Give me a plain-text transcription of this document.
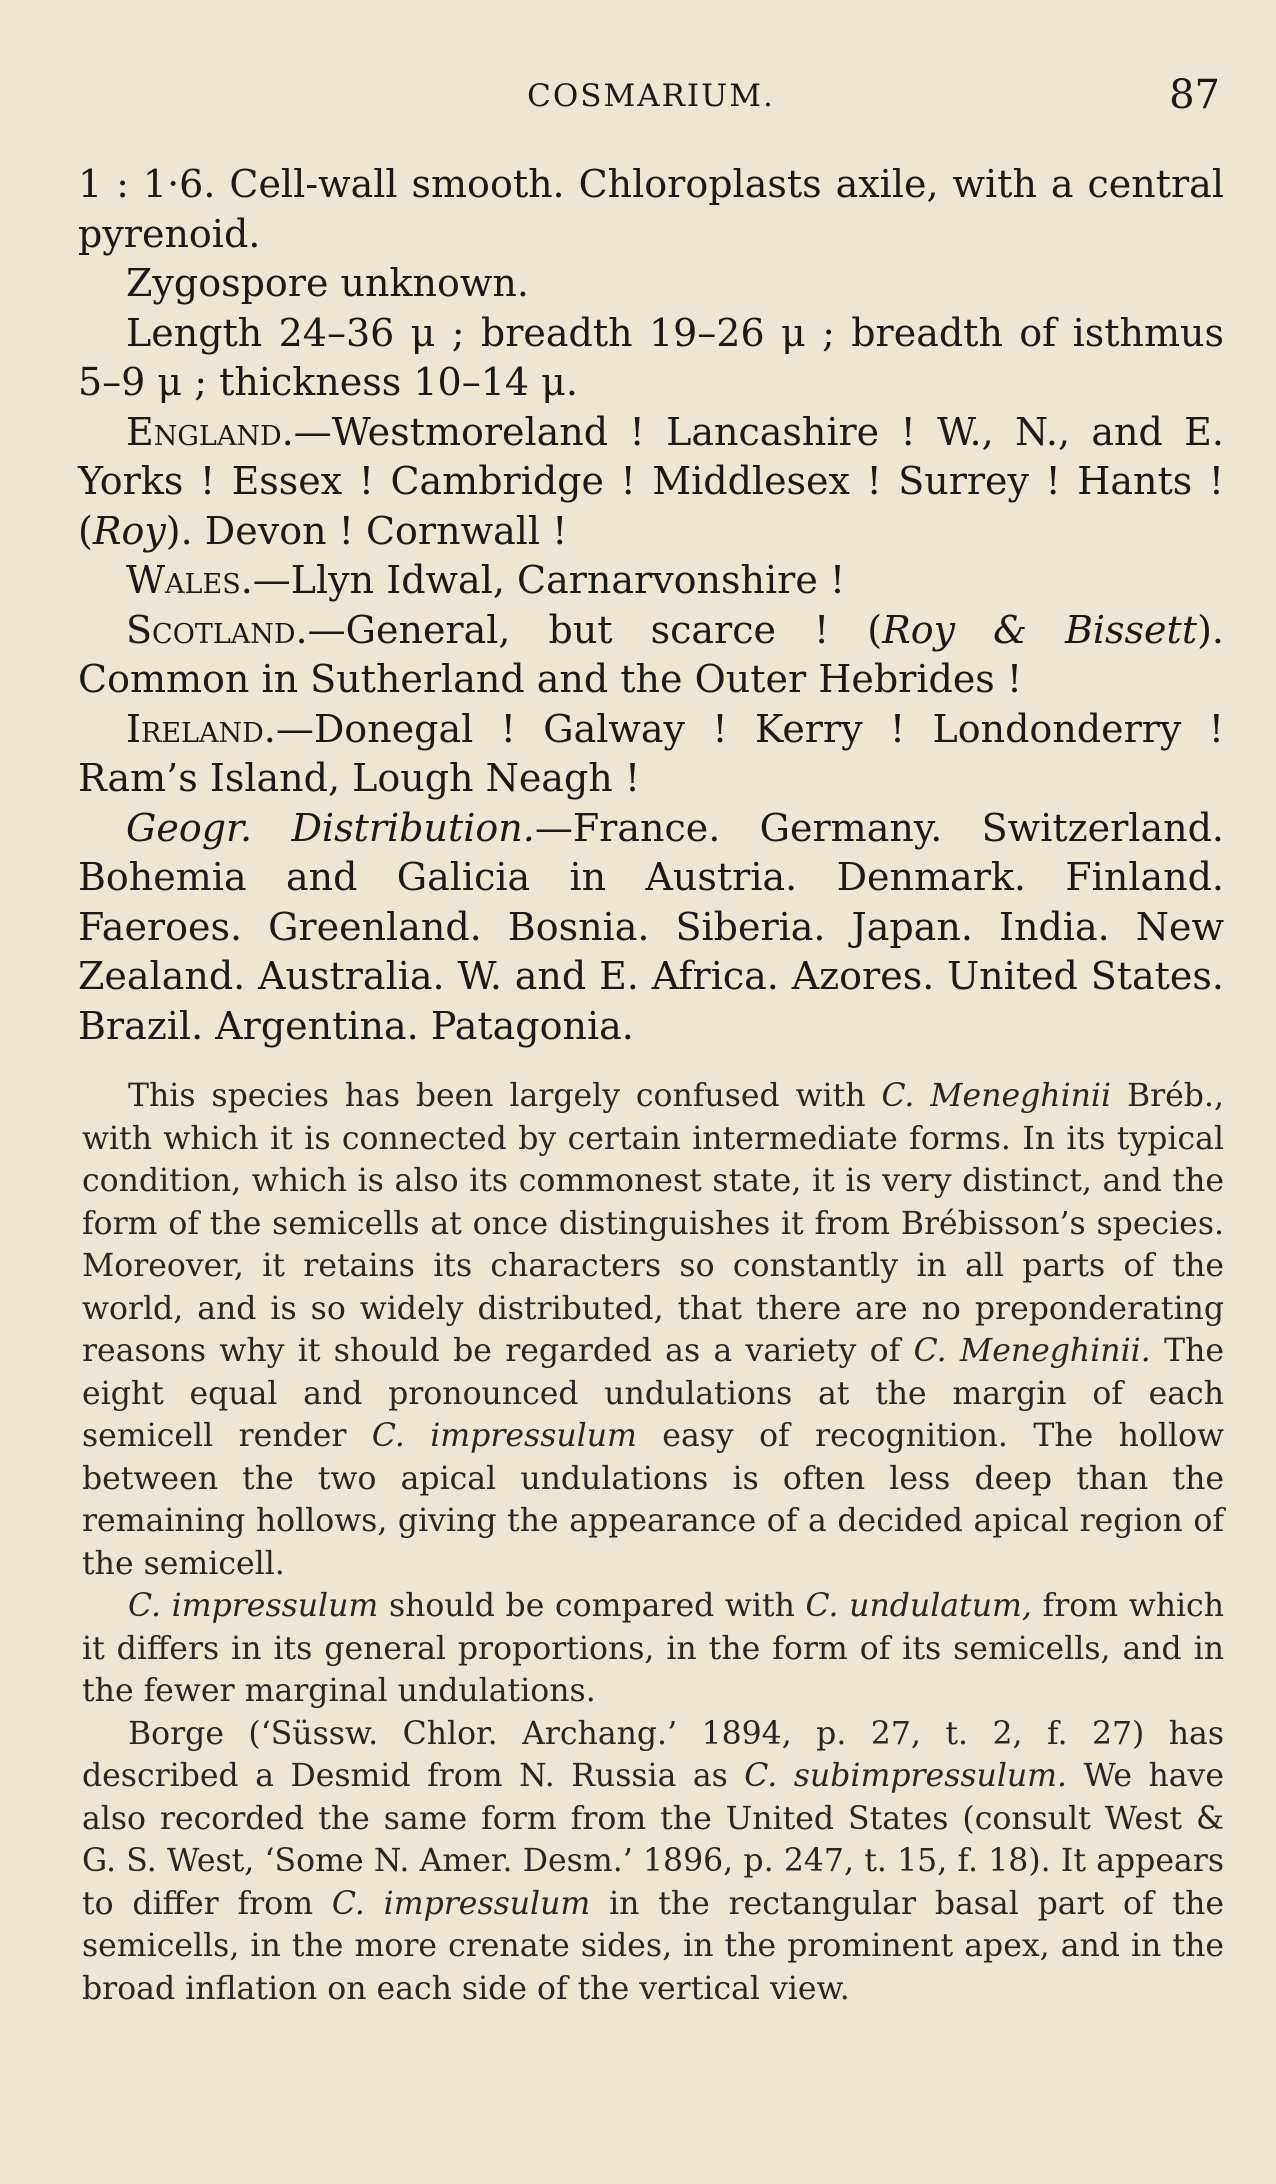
COSMARIUM.	87

1 : 1·6. Cell-wall smooth. Chloroplasts axile, with a central pyrenoid.

Zygospore unknown.

Length 24–36 μ ; breadth 19–26 μ ; breadth of isthmus 5–9 μ ; thickness 10–14 μ.

England.—Westmoreland ! Lancashire ! W., N., and E. Yorks ! Essex ! Cambridge ! Middlesex ! Surrey ! Hants ! (Roy). Devon ! Cornwall !

Wales.—Llyn Idwal, Carnarvonshire !

Scotland.—General, but scarce ! (Roy & Bissett). Common in Sutherland and the Outer Hebrides !

Ireland.—Donegal ! Galway ! Kerry ! Londonderry ! Ram’s Island, Lough Neagh !

Geogr. Distribution.—France. Germany. Switzerland. Bohemia and Galicia in Austria. Denmark. Finland. Faeroes. Greenland. Bosnia. Siberia. Japan. India. New Zealand. Australia. W. and E. Africa. Azores. United States. Brazil. Argentina. Patagonia.

This species has been largely confused with C. Meneghinii Bréb., with which it is connected by certain intermediate forms. In its typical condition, which is also its commonest state, it is very distinct, and the form of the semicells at once distinguishes it from Brébisson’s species. Moreover, it retains its characters so constantly in all parts of the world, and is so widely distributed, that there are no preponderating reasons why it should be regarded as a variety of C. Meneghinii. The eight equal and pronounced undulations at the margin of each semicell render C. impressulum easy of recognition. The hollow between the two apical undulations is often less deep than the remaining hollows, giving the appearance of a decided apical region of the semicell.

C. impressulum should be compared with C. undulatum, from which it differs in its general proportions, in the form of its semicells, and in the fewer marginal undulations.

Borge (‘Süssw. Chlor. Archang.’ 1894, p. 27, t. 2, f. 27) has described a Desmid from N. Russia as C. subimpressulum. We have also recorded the same form from the United States (consult West & G. S. West, ‘Some N. Amer. Desm.’ 1896, p. 247, t. 15, f. 18). It appears to differ from C. impressulum in the rectangular basal part of the semicells, in the more crenate sides, in the prominent apex, and in the broad inflation on each side of the vertical view.
